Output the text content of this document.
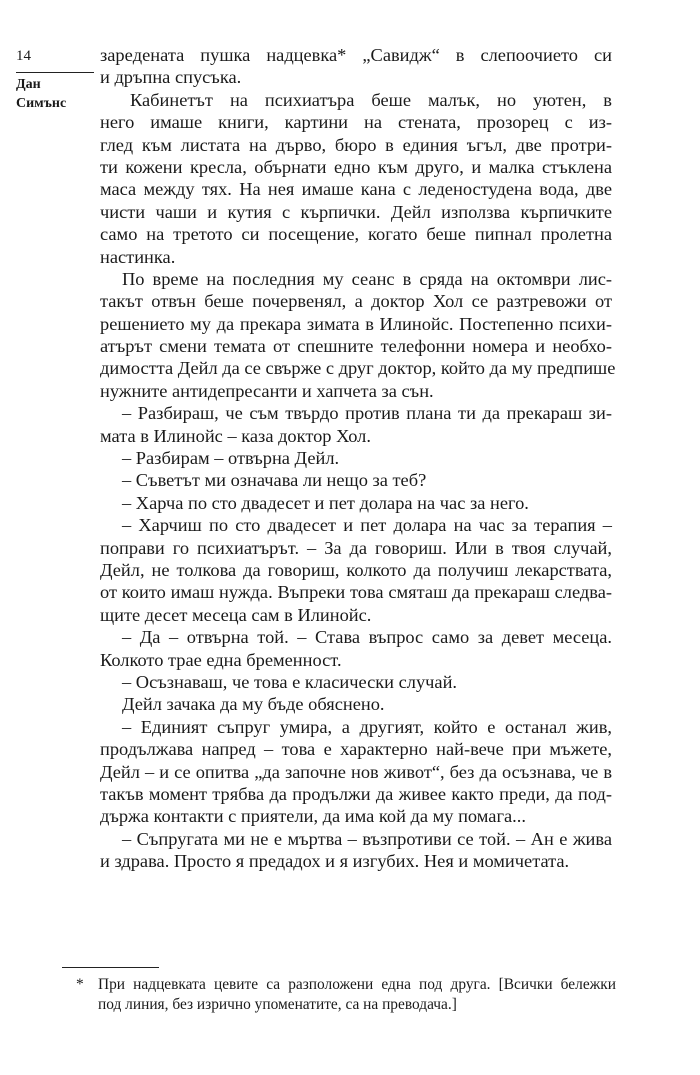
14
Дан
Симънс
зарeдената пушка надцевка* „Савидж“ в слепоочието си
и дръпна спусъка.
Кабинетът на психиатъра беше малък, но уютен, в
него имаше книги, картини на стената, прозорец с из-
глед към листата на дърво, бюро в единия ъгъл, две протри-
ти кожени кресла, обърнати едно към друго, и малка стъклена
маса между тях. На нея имаше кана с леденостудена вода, две
чисти чаши и кутия с кърпички. Дейл използва кърпичките
само на третото си посещение, когато беше пипнал пролетна
настинка.
По време на последния му сеанс в сряда на октомври лис-
такът отвън беше почервенял, а доктор Хол се разтревожи от
решението му да прекара зимата в Илинойс. Постепенно психи-
атърът смени темата от спешните телефонни номера и необхо-
димостта Дейл да се свърже с друг доктор, който да му предпише
нужните антидепресанти и хапчета за сън.
– Разбираш, че съм твърдо против плана ти да прекараш зи-
мата в Илинойс – каза доктор Хол.
– Разбирам – отвърна Дейл.
– Съветът ми означава ли нещо за теб?
– Харча по сто двадесет и пет долара на час за него.
– Харчиш по сто двадесет и пет долара на час за терапия –
поправи го психиатърът. – За да говориш. Или в твоя случай,
Дейл, не толкова да говориш, колкото да получиш лекарствата,
от които имаш нужда. Въпреки това смяташ да прекараш следва-
щите десет месеца сам в Илинойс.
– Да – отвърна той. – Става въпрос само за девет месеца.
Колкото трае една бременност.
– Осъзнаваш, че това е класически случай.
Дейл зачака да му бъде обяснено.
– Единият съпруг умира, а другият, който е останал жив,
продължава напред – това е характерно най-вече при мъжете,
Дейл – и се опитва „да започне нов живот“, без да осъзнава, че в
такъв момент трябва да продължи да живее както преди, да под-
държа контакти с приятели, да има кой да му помага...
– Съпругата ми не е мъртва – възпротиви се той. – Ан е жива
и здрава. Просто я предадох и я изгубих. Нея и момичетата.
* При надцевката цевите са разположени една под друга. [Всички бележки
под линия, без изрично упоменатите, са на преводача.]
